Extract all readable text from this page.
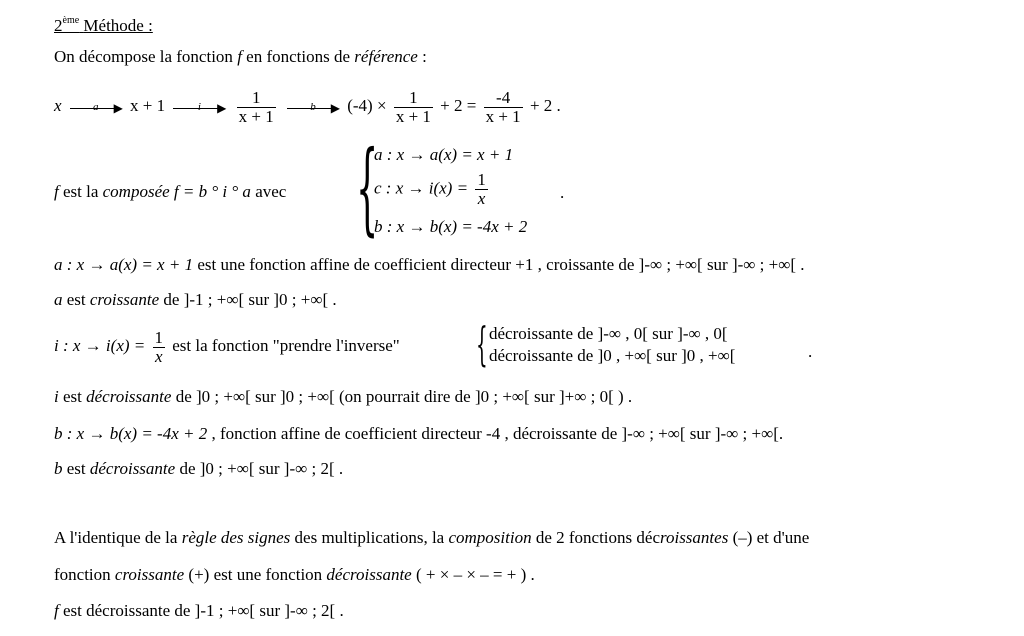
2ème Méthode :
On décompose la fonction f en fonctions de référence :
x	a	▶ x + 1	i	▶
$\frac{1}{x + 1}$
	b	▶ $(-4) \times \frac{1}{x + 1} + 2 = \frac{-4}{x + 1} + 2$ .
f est la composée f = b ° i ° a avec {
a : x → a(x) = x + 1
c : $x \to i(x) = \frac{1}{x}$
b : x → b(x) = -4x + 2
.
a : x → a(x) = x + 1 est une fonction affine de coefficient directeur +1 , croissante de ]-∞ ; +∞[ sur ]-∞ ; +∞[ .
a est croissante de ]-1 ; +∞[ sur ]0 ; +∞[ .
i : $x \to i(x) = \frac{1}{x}$ est la fonction "prendre l'inverse" { décroissante de ]-∞ , 0[ sur ]-∞ , 0[
décroissante de ]0 , +∞[ sur ]0 , +∞[	.
i est décroissante de ]0 ; +∞[ sur ]0 ; +∞[ (on pourrait dire de ]0 ; +∞[ sur ]+∞ ; 0[ ) .
b : x → b(x) = -4x + 2 , fonction affine de coefficient directeur -4 , décroissante de ]-∞ ; +∞[ sur ]-∞ ; +∞[.
b est décroissante de ]0 ; +∞[ sur ]-∞ ; 2[ .
A l'identique de la règle des signes des multiplications, la composition de 2 fonctions décroissantes (–) et d'une
fonction croissante (+) est une fonction décroissante ( + × – × – = + ) .
f est décroissante de ]-1 ; +∞[ sur ]-∞ ; 2[ .
